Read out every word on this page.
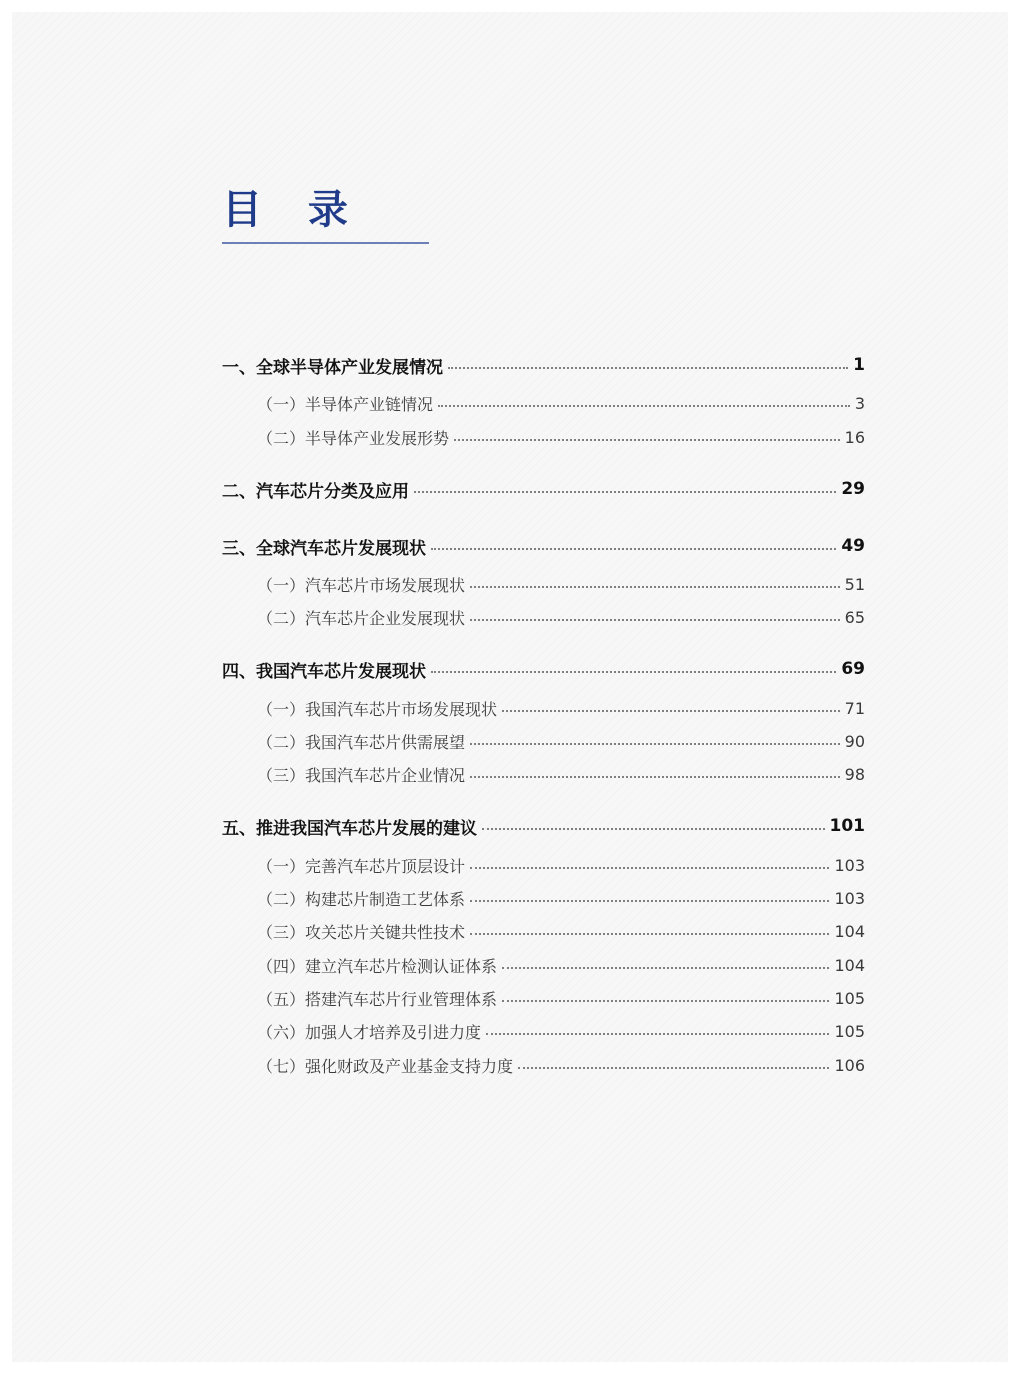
目 录
一、全球半导体产业发展情况	1
（一）半导体产业链情况	3
（二）半导体产业发展形势	16
二、汽车芯片分类及应用	29
三、全球汽车芯片发展现状	49
（一）汽车芯片市场发展现状	51
（二）汽车芯片企业发展现状	65
四、我国汽车芯片发展现状	69
（一）我国汽车芯片市场发展现状	71
（二）我国汽车芯片供需展望	90
（三）我国汽车芯片企业情况	98
五、推进我国汽车芯片发展的建议	101
（一）完善汽车芯片顶层设计	103
（二）构建芯片制造工艺体系	103
（三）攻关芯片关键共性技术	104
（四）建立汽车芯片检测认证体系	104
（五）搭建汽车芯片行业管理体系	105
（六）加强人才培养及引进力度	105
（七）强化财政及产业基金支持力度	106
